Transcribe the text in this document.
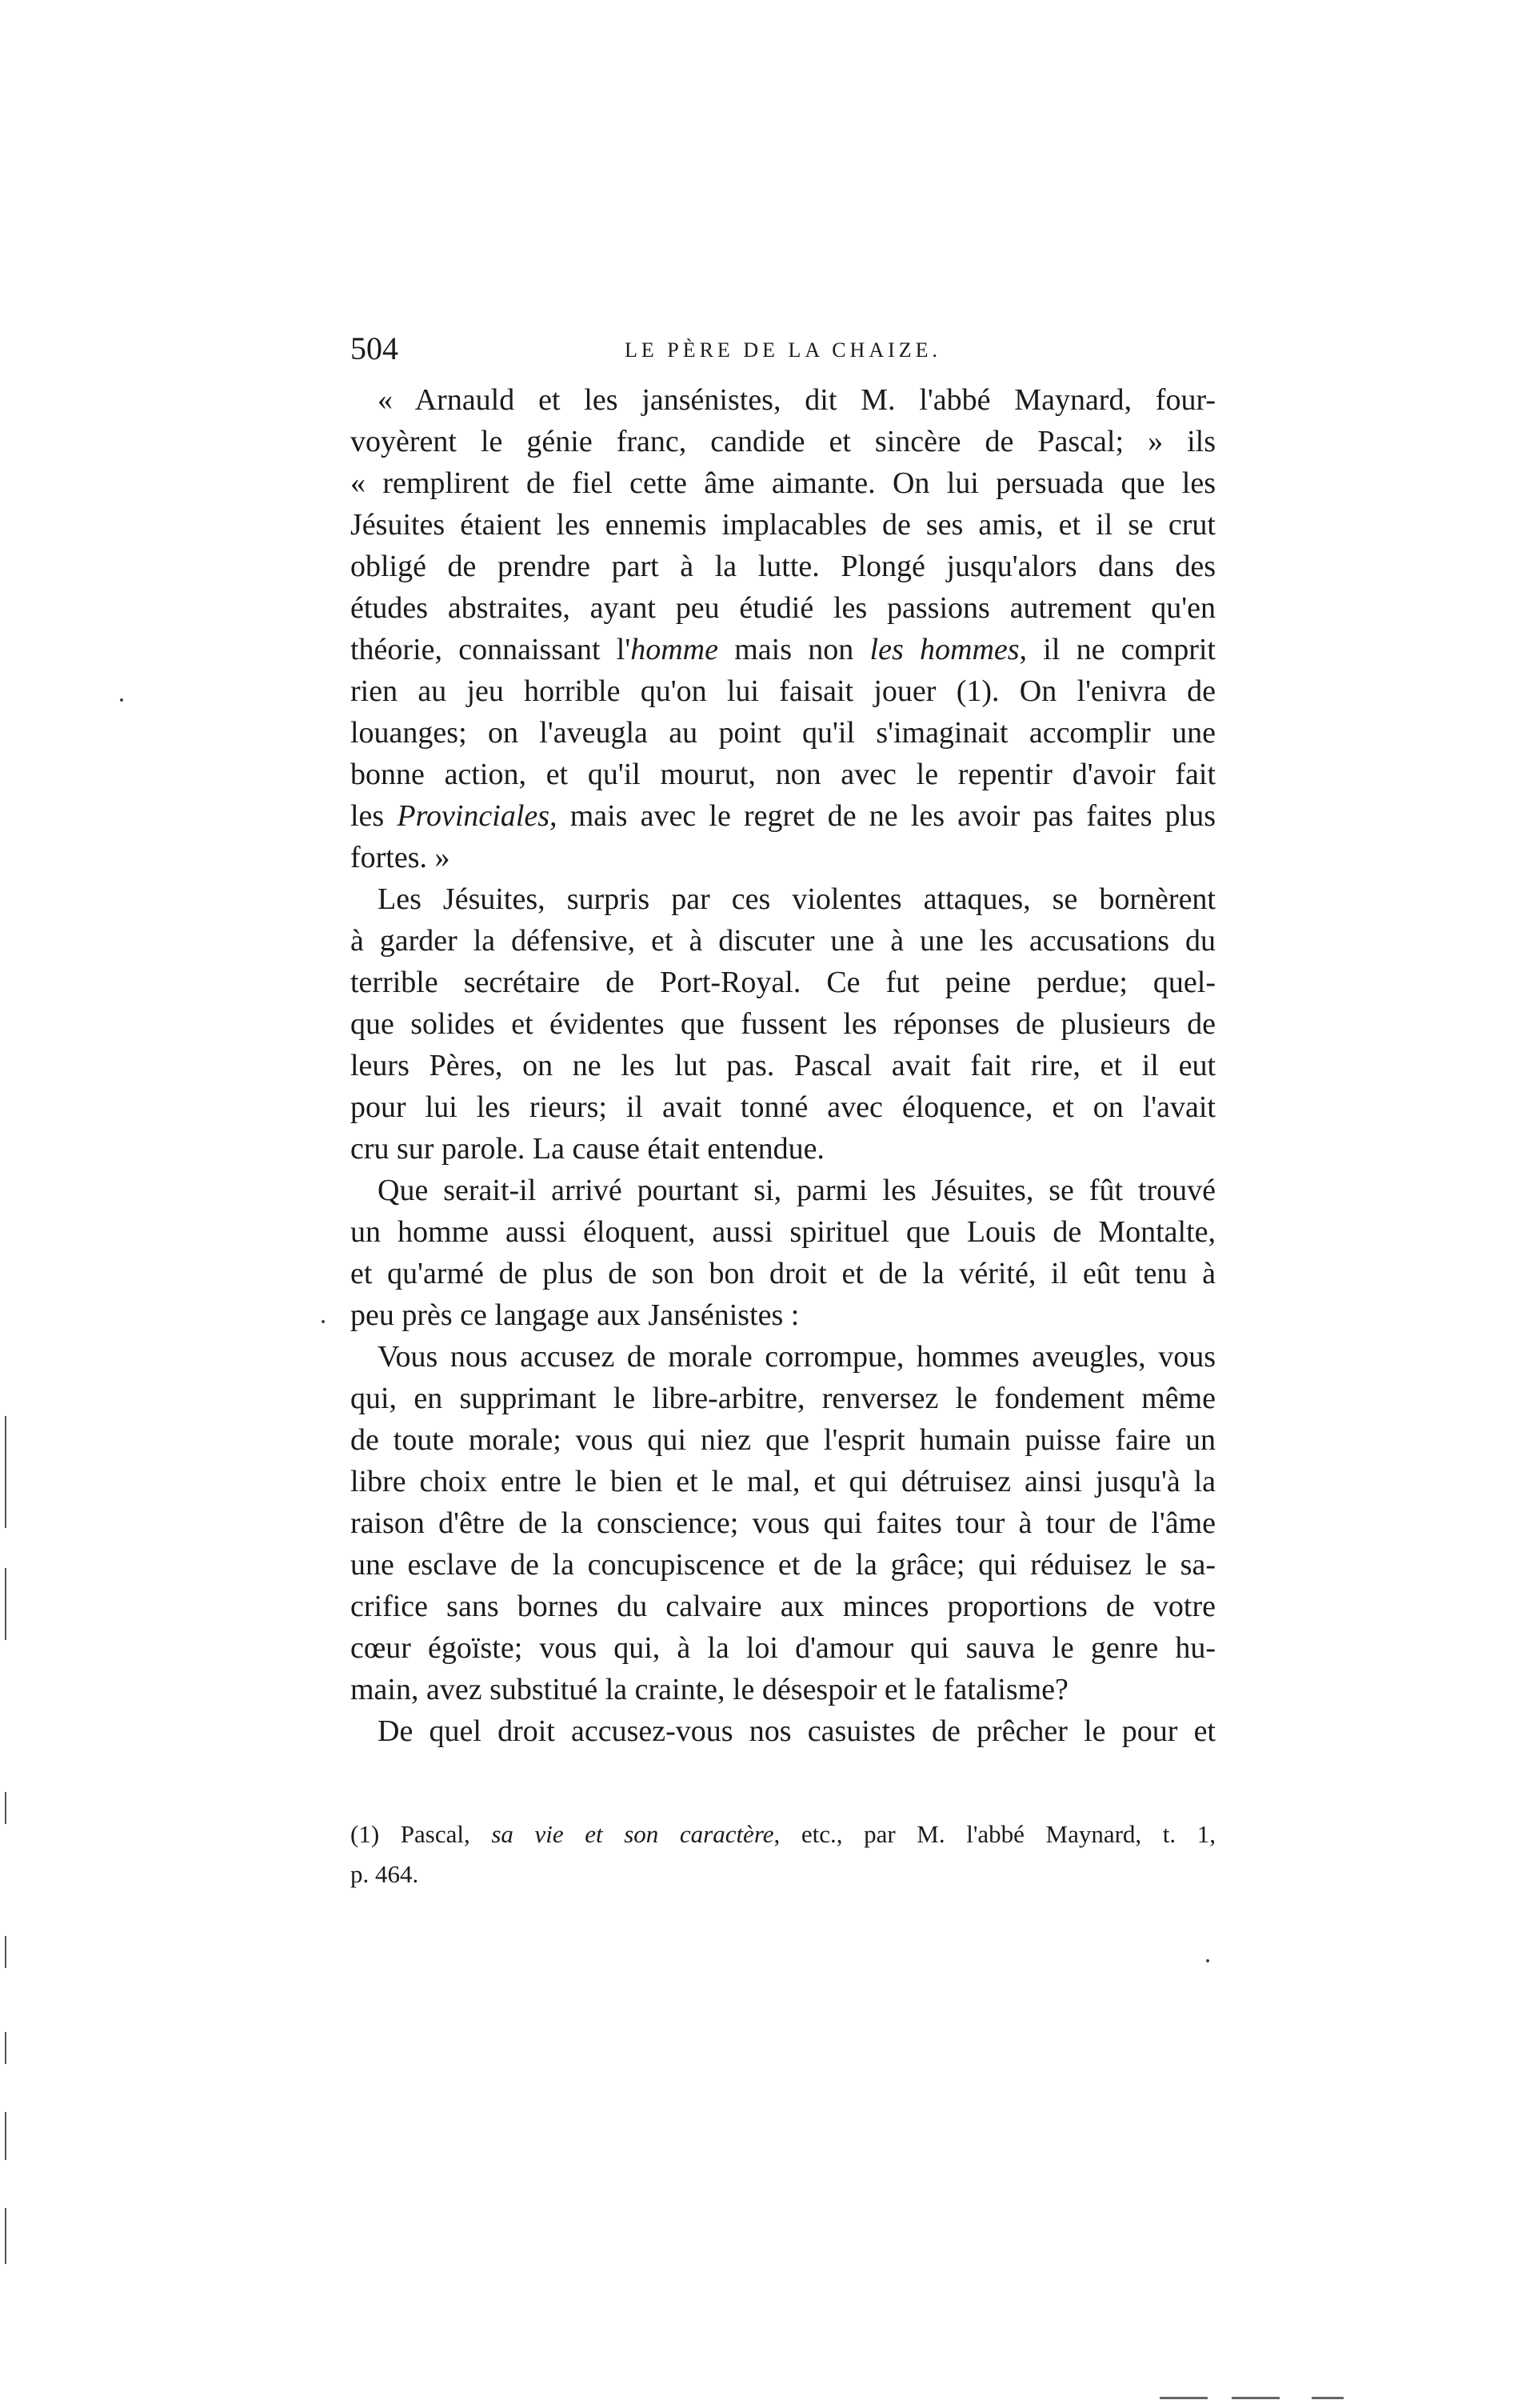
504	LE PÈRE DE LA CHAIZE.
« Arnauld et les jansénistes, dit M. l'abbé Maynard, four-
voyèrent le génie franc, candide et sincère de Pascal; » ils
« remplirent de fiel cette âme aimante. On lui persuada que les
Jésuites étaient les ennemis implacables de ses amis, et il se crut
obligé de prendre part à la lutte. Plongé jusqu'alors dans des
études abstraites, ayant peu étudié les passions autrement qu'en
théorie, connaissant l'homme mais non les hommes, il ne comprit
rien au jeu horrible qu'on lui faisait jouer (1). On l'enivra de
louanges; on l'aveugla au point qu'il s'imaginait accomplir une
bonne action, et qu'il mourut, non avec le repentir d'avoir fait
les Provinciales, mais avec le regret de ne les avoir pas faites plus
fortes. »
Les Jésuites, surpris par ces violentes attaques, se bornèrent
à garder la défensive, et à discuter une à une les accusations du
terrible secrétaire de Port-Royal. Ce fut peine perdue; quel-
que solides et évidentes que fussent les réponses de plusieurs de
leurs Pères, on ne les lut pas. Pascal avait fait rire, et il eut
pour lui les rieurs; il avait tonné avec éloquence, et on l'avait
cru sur parole. La cause était entendue.
Que serait-il arrivé pourtant si, parmi les Jésuites, se fût trouvé
un homme aussi éloquent, aussi spirituel que Louis de Montalte,
et qu'armé de plus de son bon droit et de la vérité, il eût tenu à
peu près ce langage aux Jansénistes :
Vous nous accusez de morale corrompue, hommes aveugles, vous
qui, en supprimant le libre-arbitre, renversez le fondement même
de toute morale; vous qui niez que l'esprit humain puisse faire un
libre choix entre le bien et le mal, et qui détruisez ainsi jusqu'à la
raison d'être de la conscience; vous qui faites tour à tour de l'âme
une esclave de la concupiscence et de la grâce; qui réduisez le sa-
crifice sans bornes du calvaire aux minces proportions de votre
cœur égoïste; vous qui, à la loi d'amour qui sauva le genre hu-
main, avez substitué la crainte, le désespoir et le fatalisme?
De quel droit accusez-vous nos casuistes de prêcher le pour et
(1) Pascal, sa vie et son caractère, etc., par M. l'abbé Maynard, t. 1,
p. 464.
